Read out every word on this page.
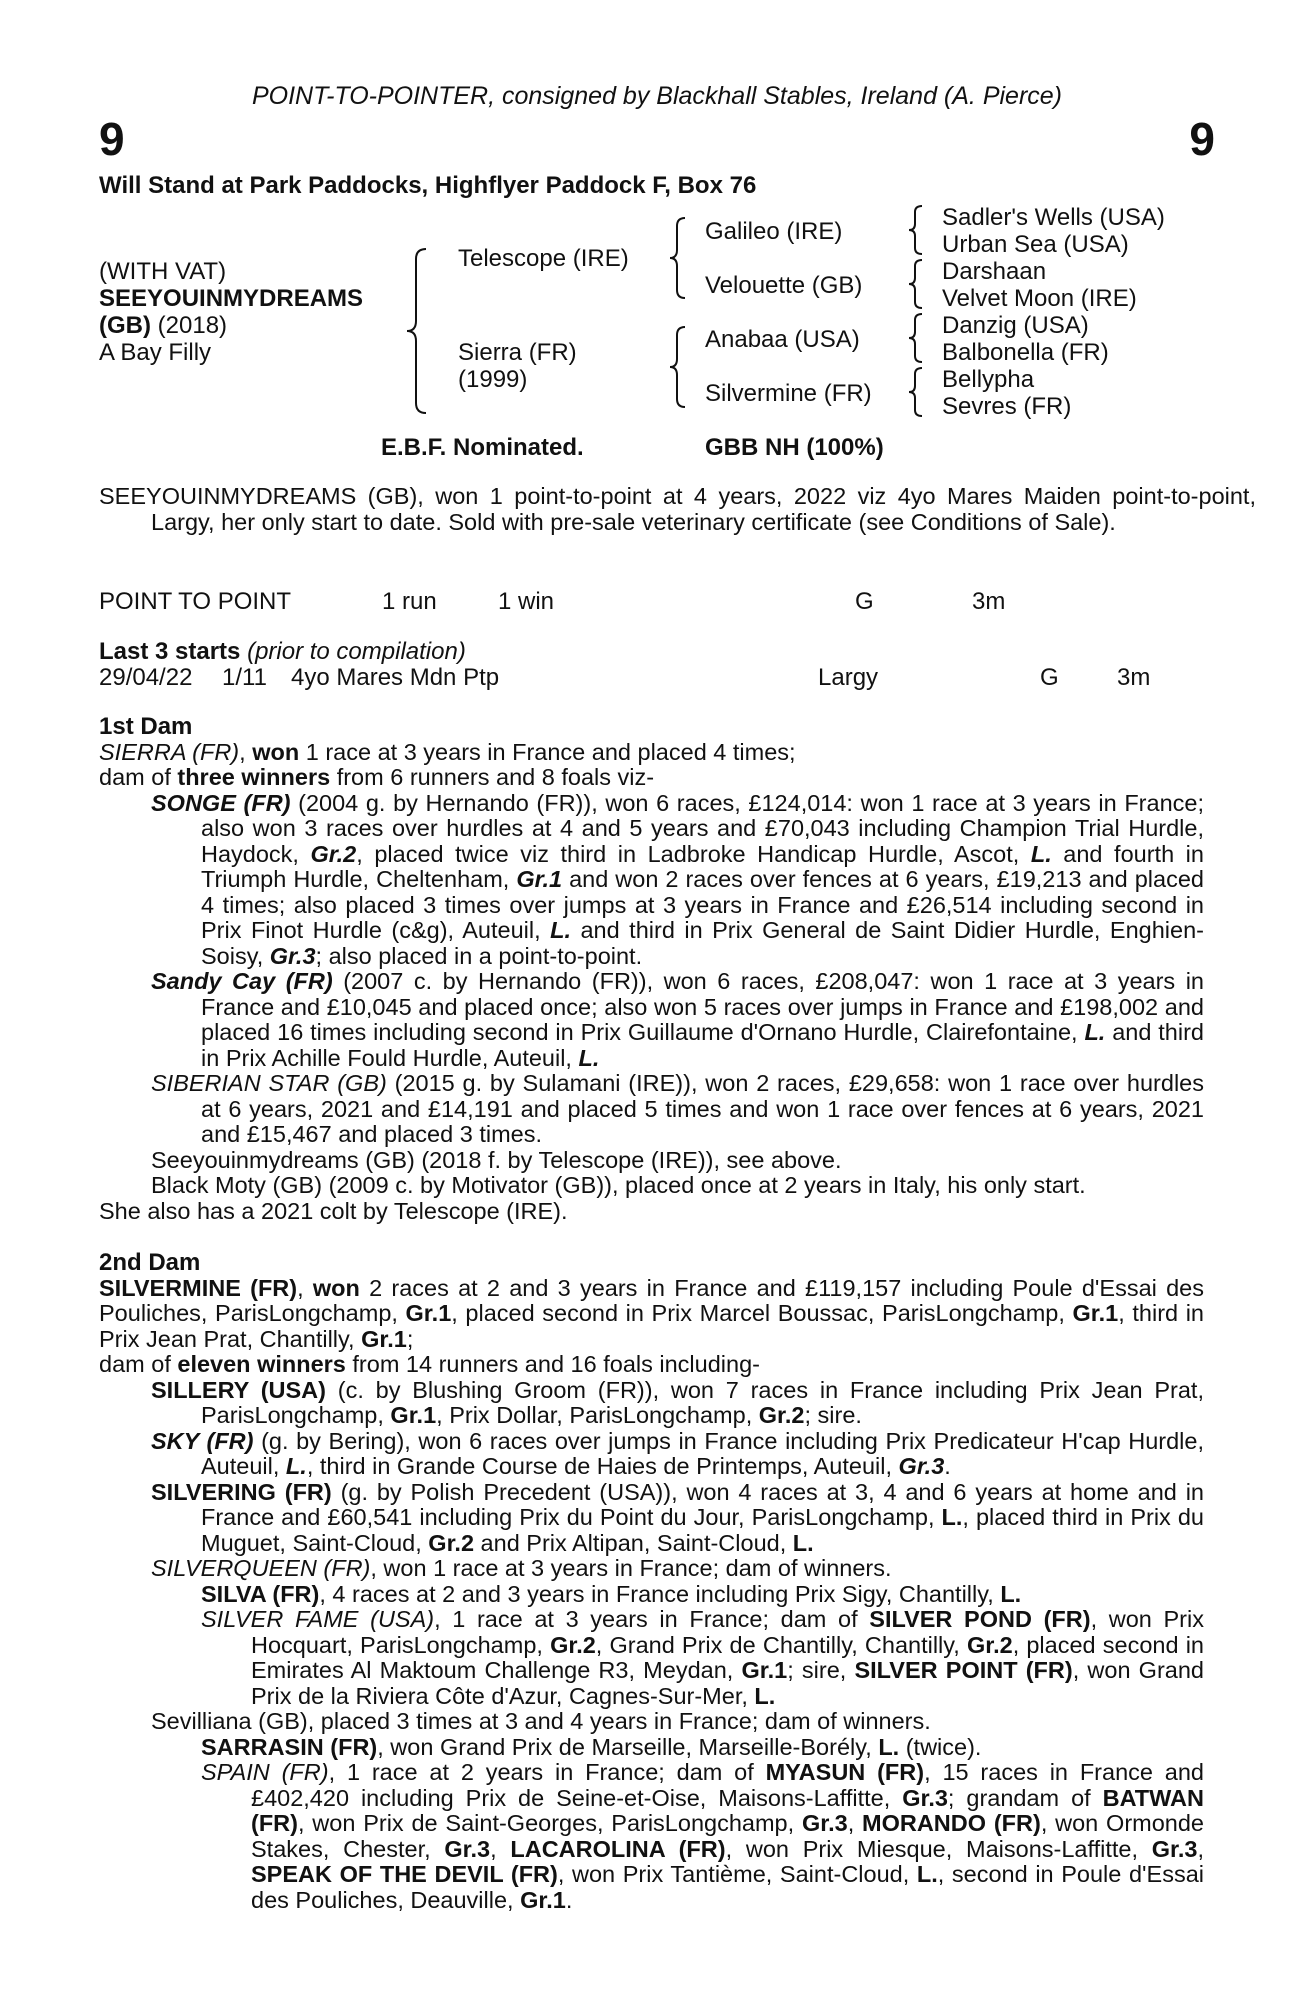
POINT-TO-POINTER, consigned by Blackhall Stables, Ireland (A. Pierce)
9	9
Will Stand at Park Paddocks, Highflyer Paddock F, Box 76
(WITH VAT)
SEEYOUINMYDREAMS
(GB) (2018)
A Bay Filly
Telescope (IRE)
Sierra (FR)
(1999)
Galileo (IRE)
Velouette (GB)
Anabaa (USA)
Silvermine (FR)
Sadler's Wells (USA)
Urban Sea (USA)
Darshaan
Velvet Moon (IRE)
Danzig (USA)
Balbonella (FR)
Bellypha
Sevres (FR)
E.B.F. Nominated.	GBB NH (100%)
SEEYOUINMYDREAMS (GB), won 1 point-to-point at 4 years, 2022 viz 4yo Mares Maiden point-to-point, Largy, her only start to date. Sold with pre-sale veterinary certificate (see Conditions of Sale).
POINT TO POINT	1 run	1 win	G	3m
Last 3 starts (prior to compilation)
29/04/22 1/11 4yo Mares Mdn Ptp	Largy	G 3m
1st Dam
SIERRA (FR), won 1 race at 3 years in France and placed 4 times;
dam of three winners from 6 runners and 8 foals viz-
SONGE (FR) (2004 g. by Hernando (FR)), won 6 races, £124,014: won 1 race at 3 years in France; also won 3 races over hurdles at 4 and 5 years and £70,043 including Champion Trial Hurdle, Haydock, Gr.2, placed twice viz third in Ladbroke Handicap Hurdle, Ascot, L. and fourth in Triumph Hurdle, Cheltenham, Gr.1 and won 2 races over fences at 6 years, £19,213 and placed 4 times; also placed 3 times over jumps at 3 years in France and £26,514 including second in Prix Finot Hurdle (c&g), Auteuil, L. and third in Prix General de Saint Didier Hurdle, Enghien-Soisy, Gr.3; also placed in a point-to-point.
Sandy Cay (FR) (2007 c. by Hernando (FR)), won 6 races, £208,047: won 1 race at 3 years in France and £10,045 and placed once; also won 5 races over jumps in France and £198,002 and placed 16 times including second in Prix Guillaume d'Ornano Hurdle, Clairefontaine, L. and third in Prix Achille Fould Hurdle, Auteuil, L.
SIBERIAN STAR (GB) (2015 g. by Sulamani (IRE)), won 2 races, £29,658: won 1 race over hurdles at 6 years, 2021 and £14,191 and placed 5 times and won 1 race over fences at 6 years, 2021 and £15,467 and placed 3 times.
Seeyouinmydreams (GB) (2018 f. by Telescope (IRE)), see above.
Black Moty (GB) (2009 c. by Motivator (GB)), placed once at 2 years in Italy, his only start.
She also has a 2021 colt by Telescope (IRE).
2nd Dam
SILVERMINE (FR), won 2 races at 2 and 3 years in France and £119,157 including Poule d'Essai des Pouliches, ParisLongchamp, Gr.1, placed second in Prix Marcel Boussac, ParisLongchamp, Gr.1, third in Prix Jean Prat, Chantilly, Gr.1;
dam of eleven winners from 14 runners and 16 foals including-
SILLERY (USA) (c. by Blushing Groom (FR)), won 7 races in France including Prix Jean Prat, ParisLongchamp, Gr.1, Prix Dollar, ParisLongchamp, Gr.2; sire.
SKY (FR) (g. by Bering), won 6 races over jumps in France including Prix Predicateur H'cap Hurdle, Auteuil, L., third in Grande Course de Haies de Printemps, Auteuil, Gr.3.
SILVERING (FR) (g. by Polish Precedent (USA)), won 4 races at 3, 4 and 6 years at home and in France and £60,541 including Prix du Point du Jour, ParisLongchamp, L., placed third in Prix du Muguet, Saint-Cloud, Gr.2 and Prix Altipan, Saint-Cloud, L.
SILVERQUEEN (FR), won 1 race at 3 years in France; dam of winners.
SILVA (FR), 4 races at 2 and 3 years in France including Prix Sigy, Chantilly, L.
SILVER FAME (USA), 1 race at 3 years in France; dam of SILVER POND (FR), won Prix Hocquart, ParisLongchamp, Gr.2, Grand Prix de Chantilly, Chantilly, Gr.2, placed second in Emirates Al Maktoum Challenge R3, Meydan, Gr.1; sire, SILVER POINT (FR), won Grand Prix de la Riviera Côte d'Azur, Cagnes-Sur-Mer, L.
Sevilliana (GB), placed 3 times at 3 and 4 years in France; dam of winners.
SARRASIN (FR), won Grand Prix de Marseille, Marseille-Borély, L. (twice).
SPAIN (FR), 1 race at 2 years in France; dam of MYASUN (FR), 15 races in France and £402,420 including Prix de Seine-et-Oise, Maisons-Laffitte, Gr.3; grandam of BATWAN (FR), won Prix de Saint-Georges, ParisLongchamp, Gr.3, MORANDO (FR), won Ormonde Stakes, Chester, Gr.3, LACAROLINA (FR), won Prix Miesque, Maisons-Laffitte, Gr.3, SPEAK OF THE DEVIL (FR), won Prix Tantième, Saint-Cloud, L., second in Poule d'Essai des Pouliches, Deauville, Gr.1.
